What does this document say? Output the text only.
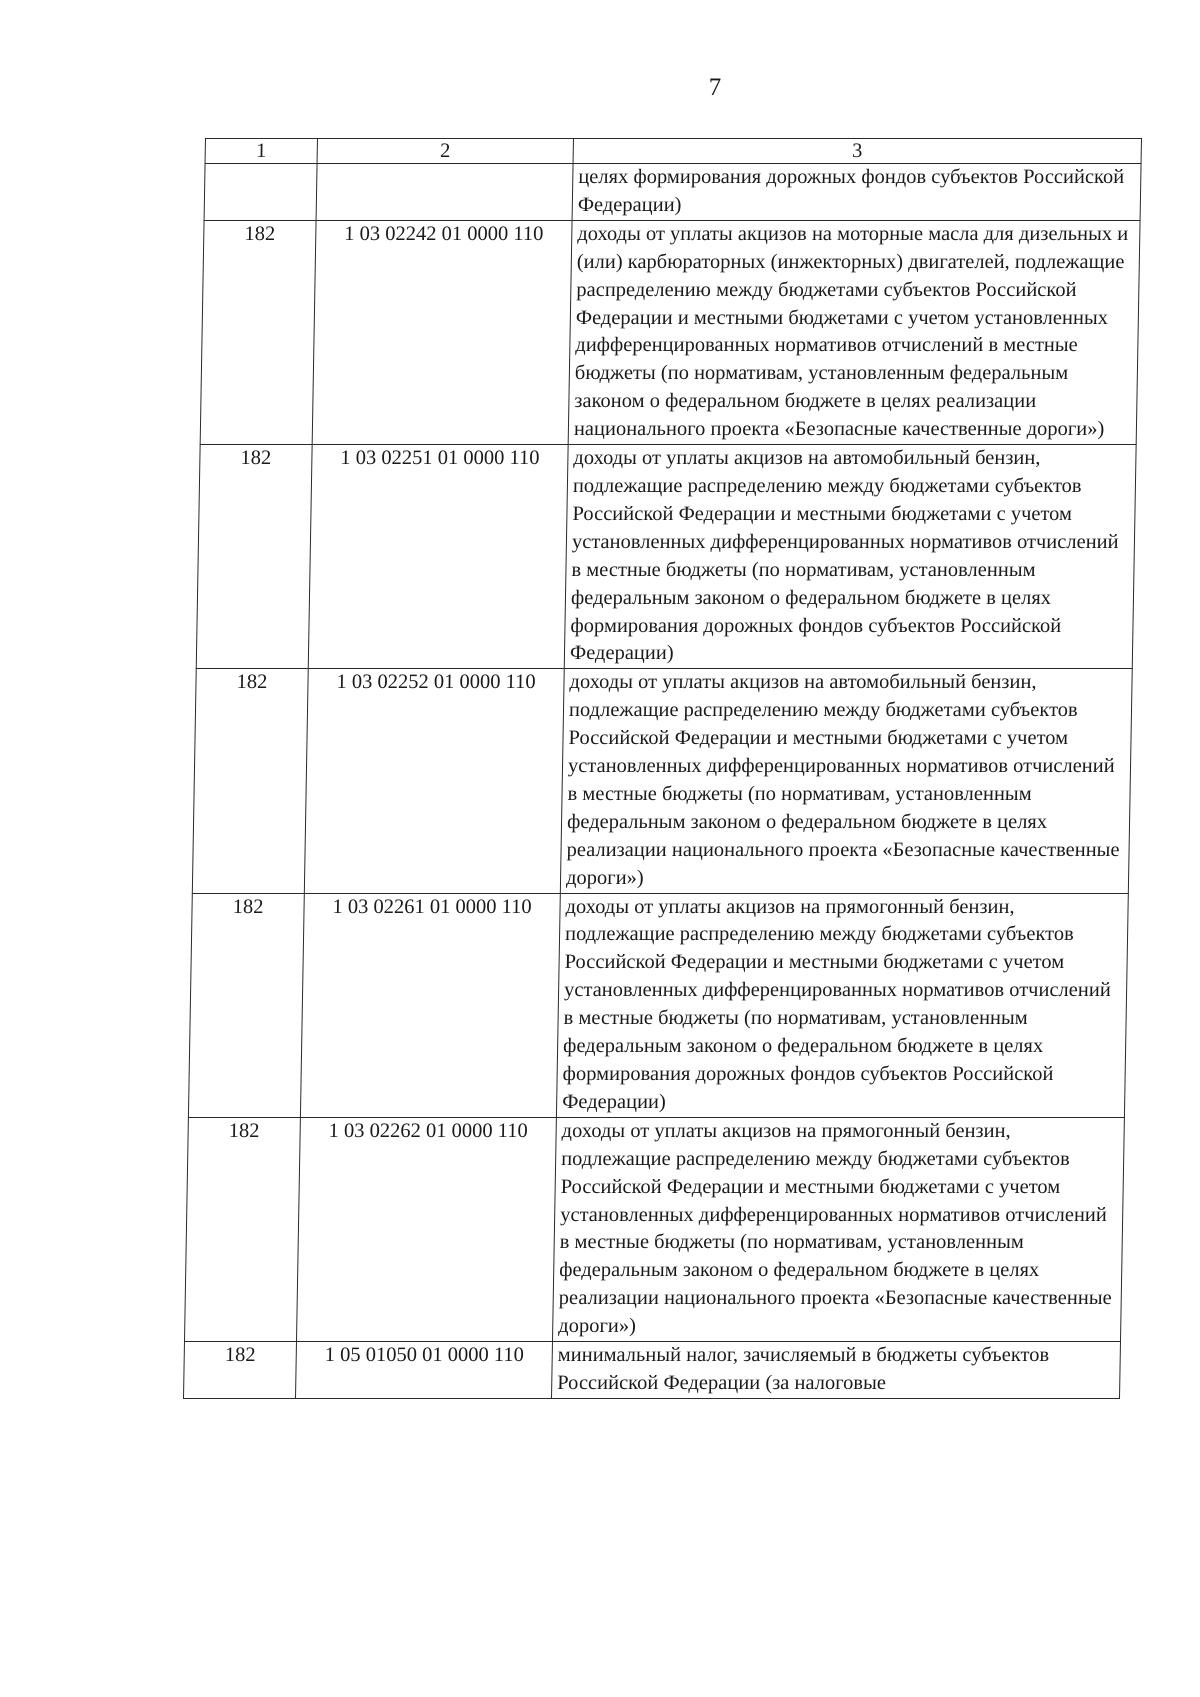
7
1	2	3
		целях формирования дорожных фондов субъектов Российской Федерации)
182	1 03 02242 01 0000 110	доходы от уплаты акцизов на моторные масла для дизельных и (или) карбюраторных (инжекторных) двигателей, подлежащие распределению между бюджетами субъектов Российской Федерации и местными бюджетами с учетом установленных дифференцированных нормативов отчислений в местные бюджеты (по нормативам, установленным федеральным законом о федеральном бюджете в целях реализации национального проекта «Безопасные качественные дороги»)
182	1 03 02251 01 0000 110	доходы от уплаты акцизов на автомобильный бензин, подлежащие распределению между бюджетами субъектов Российской Федерации и местными бюджетами с учетом установленных дифференцированных нормативов отчислений в местные бюджеты (по нормативам, установленным федеральным законом о федеральном бюджете в целях формирования дорожных фондов субъектов Российской Федерации)
182	1 03 02252 01 0000 110	доходы от уплаты акцизов на автомобильный бензин, подлежащие распределению между бюджетами субъектов Российской Федерации и местными бюджетами с учетом установленных дифференцированных нормативов отчислений в местные бюджеты (по нормативам, установленным федеральным законом о федеральном бюджете в целях реализации национального проекта «Безопасные качественные дороги»)
182	1 03 02261 01 0000 110	доходы от уплаты акцизов на прямогонный бензин, подлежащие распределению между бюджетами субъектов Российской Федерации и местными бюджетами с учетом установленных дифференцированных нормативов отчислений в местные бюджеты (по нормативам, установленным федеральным законом о федеральном бюджете в целях формирования дорожных фондов субъектов Российской Федерации)
182	1 03 02262 01 0000 110	доходы от уплаты акцизов на прямогонный бензин, подлежащие распределению между бюджетами субъектов Российской Федерации и местными бюджетами с учетом установленных дифференцированных нормативов отчислений в местные бюджеты (по нормативам, установленным федеральным законом о федеральном бюджете в целях реализации национального проекта «Безопасные качественные дороги»)
182	1 05 01050 01 0000 110	минимальный налог, зачисляемый в бюджеты субъектов Российской Федерации (за налоговые
